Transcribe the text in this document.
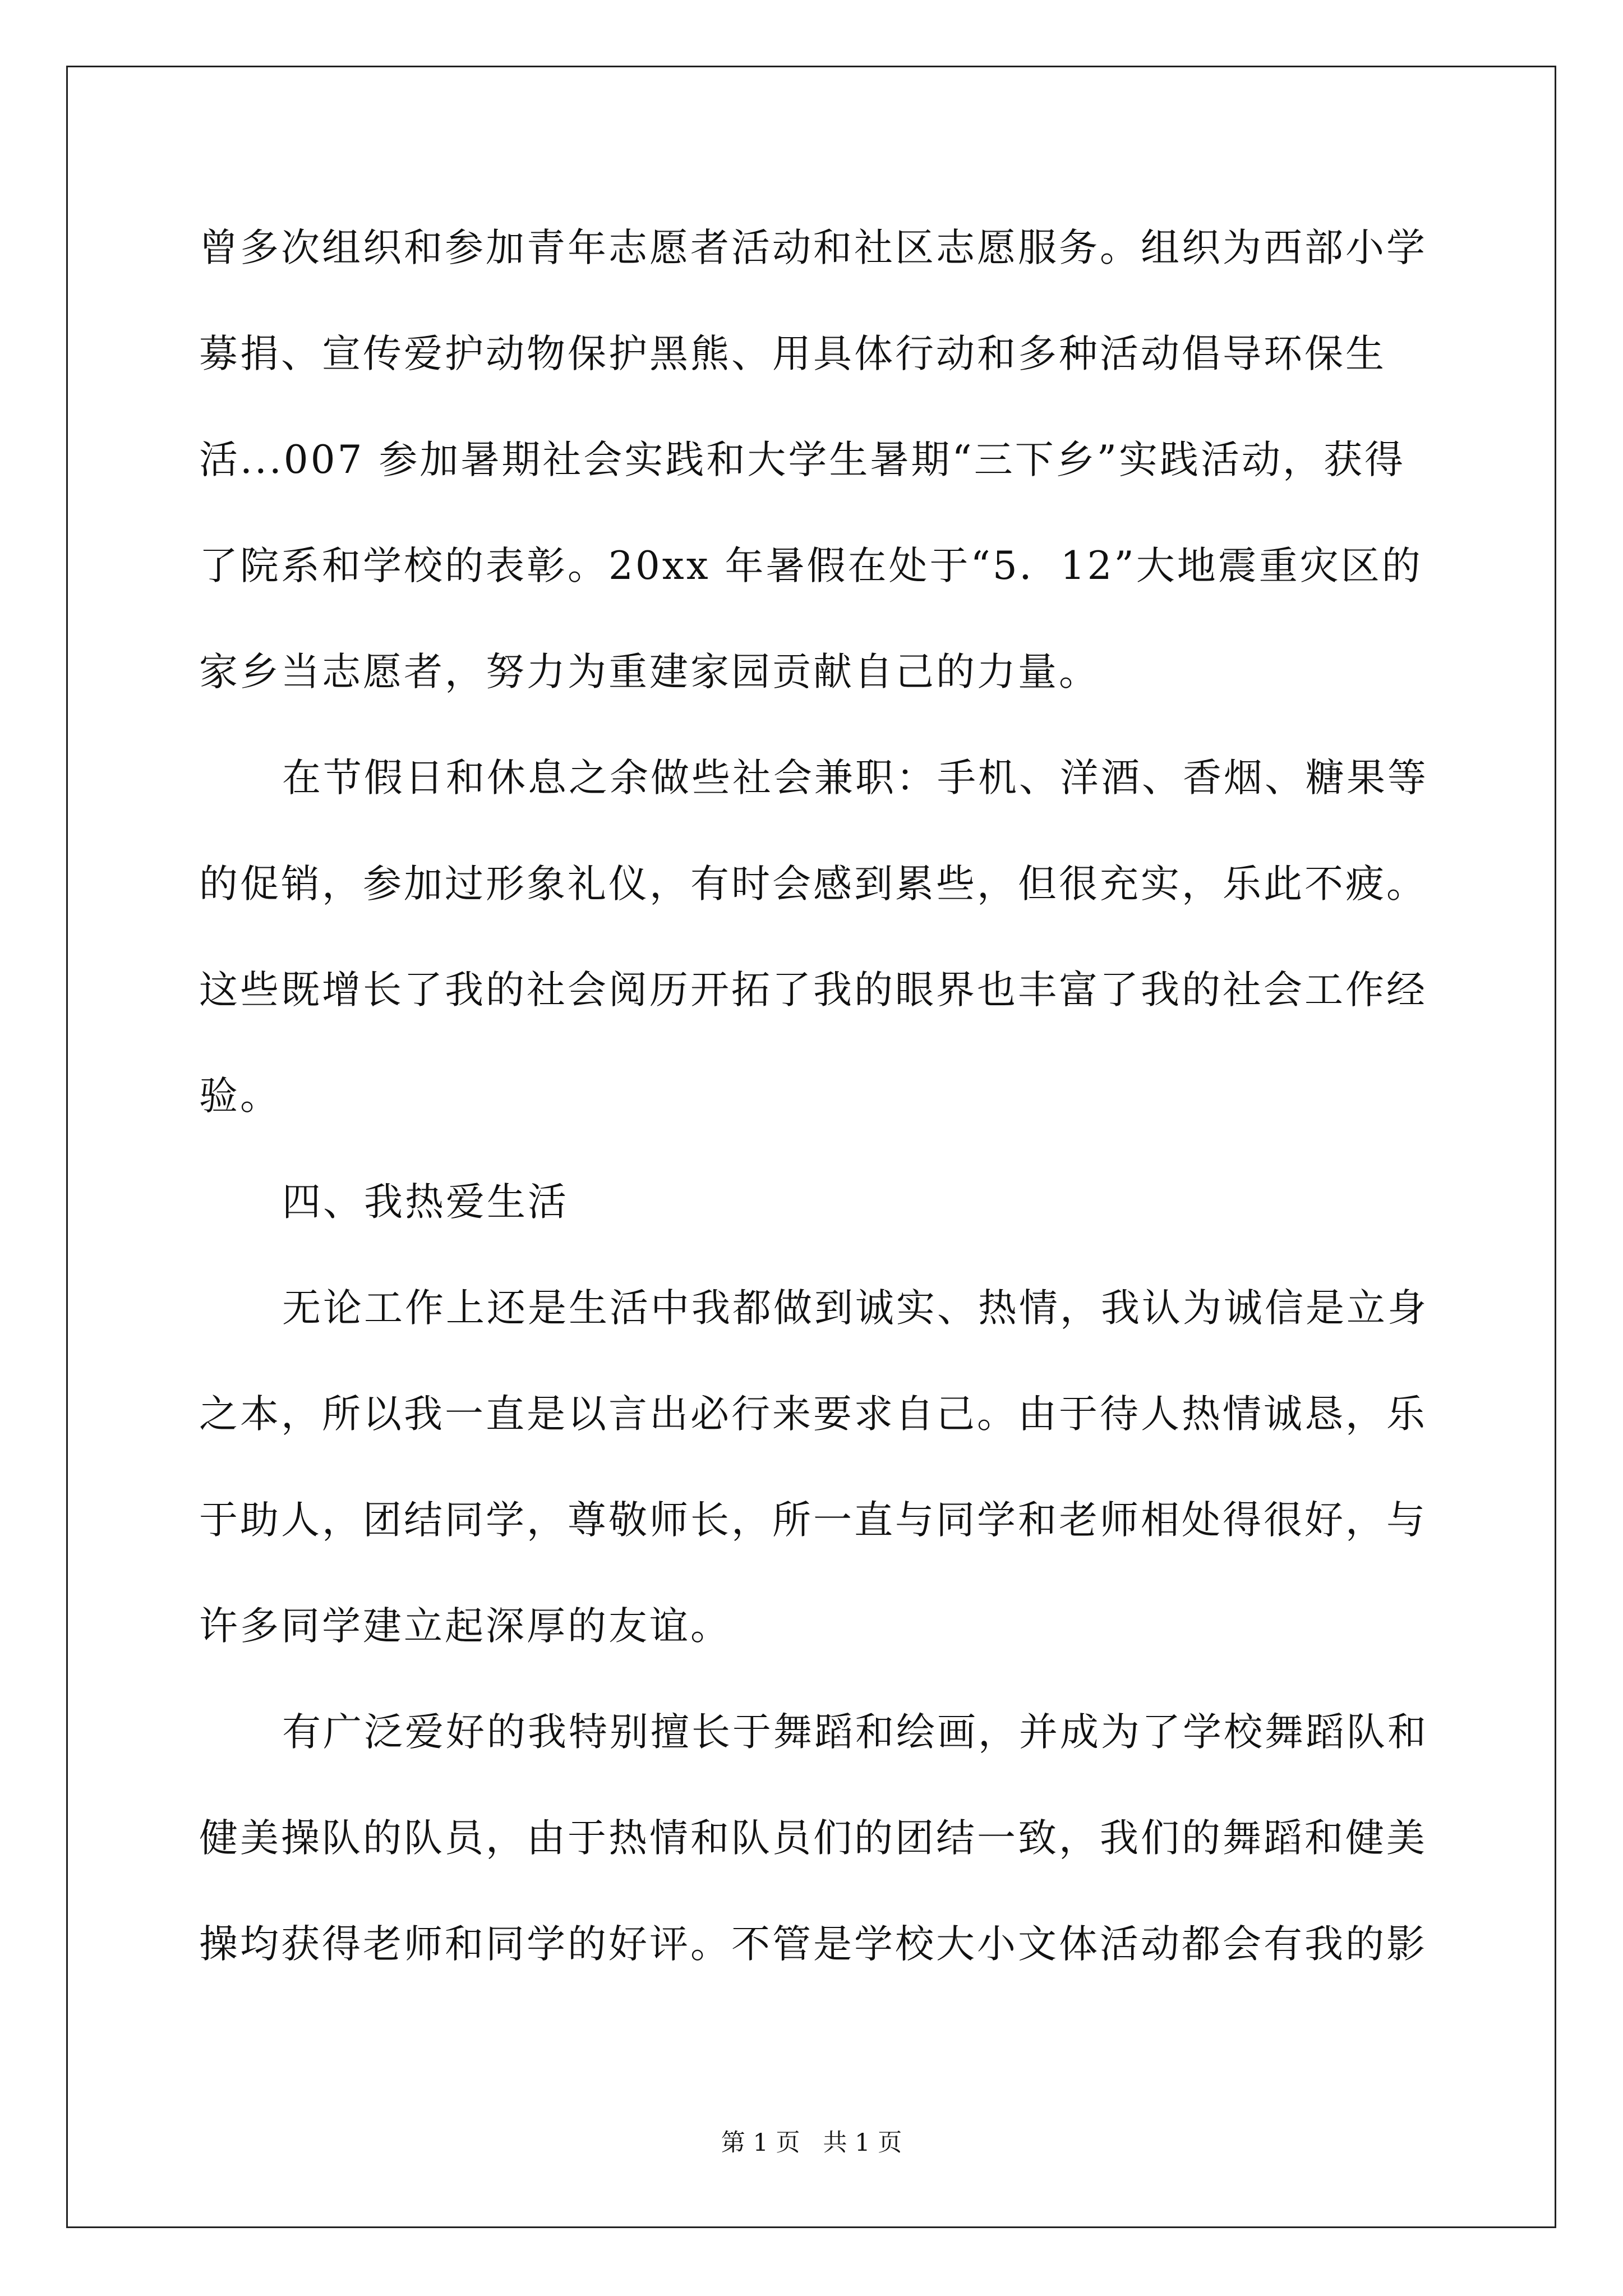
曾多次组织和参加青年志愿者活动和社区志愿服务。组织为西部小学
募捐、宣传爱护动物保护黑熊、用具体行动和多种活动倡导环保生
活...007 参加暑期社会实践和大学生暑期“三下乡”实践活动，获得
了院系和学校的表彰。20xx 年暑假在处于“5．12”大地震重灾区的
家乡当志愿者，努力为重建家园贡献自己的力量。
在节假日和休息之余做些社会兼职：手机、洋酒、香烟、糖果等
的促销，参加过形象礼仪，有时会感到累些，但很充实，乐此不疲。
这些既增长了我的社会阅历开拓了我的眼界也丰富了我的社会工作经
验。
四、我热爱生活
无论工作上还是生活中我都做到诚实、热情，我认为诚信是立身
之本，所以我一直是以言出必行来要求自己。由于待人热情诚恳，乐
于助人，团结同学，尊敬师长，所一直与同学和老师相处得很好，与
许多同学建立起深厚的友谊。
有广泛爱好的我特别擅长于舞蹈和绘画，并成为了学校舞蹈队和
健美操队的队员，由于热情和队员们的团结一致，我们的舞蹈和健美
操均获得老师和同学的好评。不管是学校大小文体活动都会有我的影
第 1 页   共 1 页
